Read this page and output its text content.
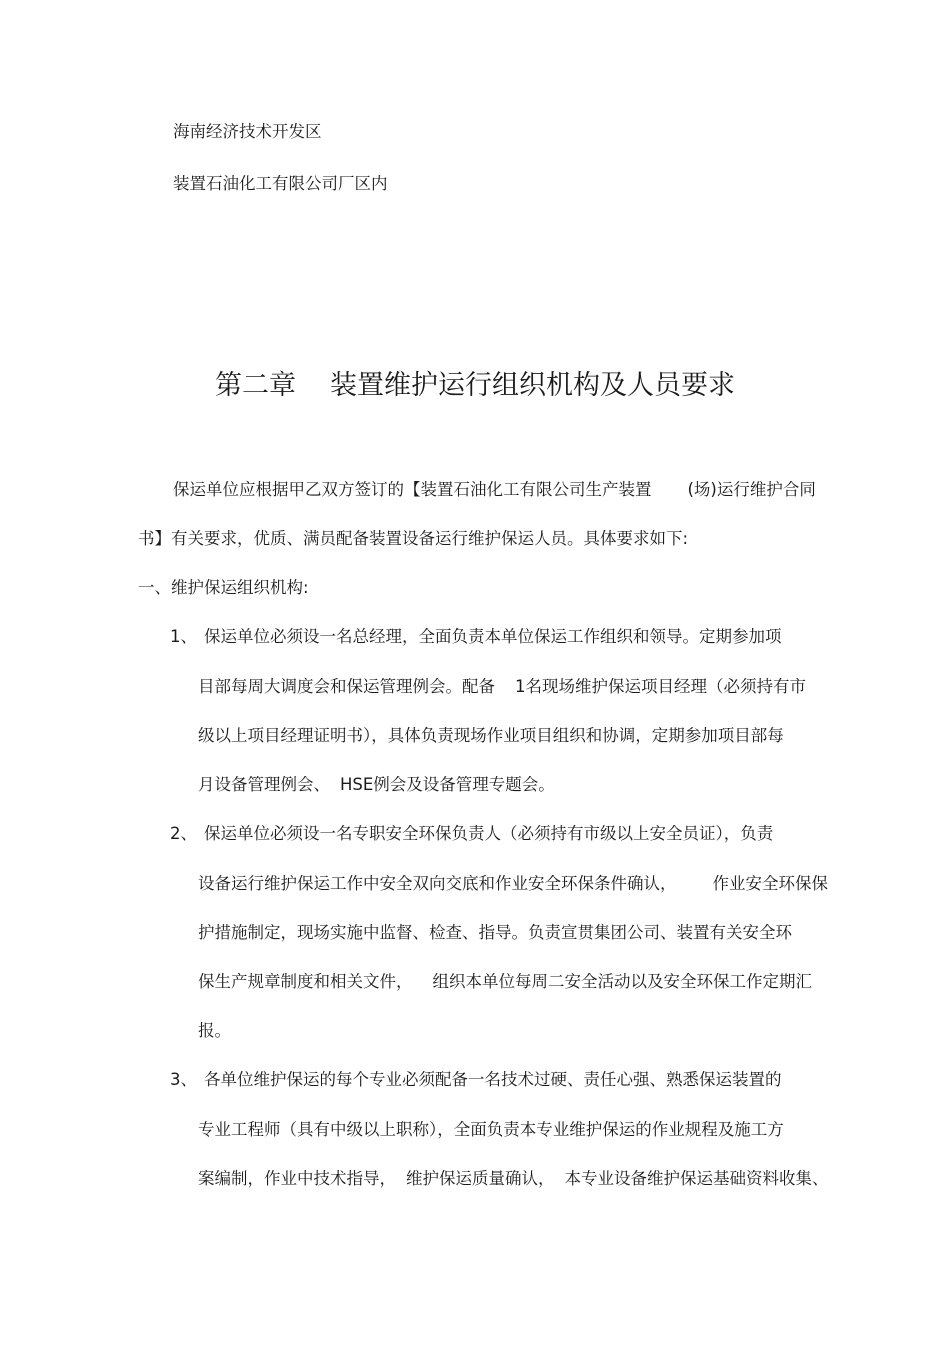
海南经济技术开发区
装置石油化工有限公司厂区内
第二章 装置维护运行组织机构及人员要求
保运单位应根据甲乙双方签订的【装置石油化工有限公司生产装置 (场)运行维护合同
书】有关要求，优质、满员配备装置设备运行维护保运人员。具体要求如下:
一、维护保运组织机构:
1、 保运单位必须设一名总经理，全面负责本单位保运工作组织和领导。定期参加项
目部每周大调度会和保运管理例会。配备 1名现场维护保运项目经理（必须持有市
级以上项目经理证明书），具体负责现场作业项目组织和协调，定期参加项目部每
月设备管理例会、 HSE例会及设备管理专题会。
2、 保运单位必须设一名专职安全环保负责人（必须持有市级以上安全员证），负责
设备运行维护保运工作中安全双向交底和作业安全环保条件确认， 作业安全环保保
护措施制定，现场实施中监督、检查、指导。负责宣贯集团公司、装置有关安全环
保生产规章制度和相关文件， 组织本单位每周二安全活动以及安全环保工作定期汇
报。
3、 各单位维护保运的每个专业必须配备一名技术过硬、责任心强、熟悉保运装置的
专业工程师（具有中级以上职称），全面负责本专业维护保运的作业规程及施工方
案编制，作业中技术指导， 维护保运质量确认， 本专业设备维护保运基础资料收集、
